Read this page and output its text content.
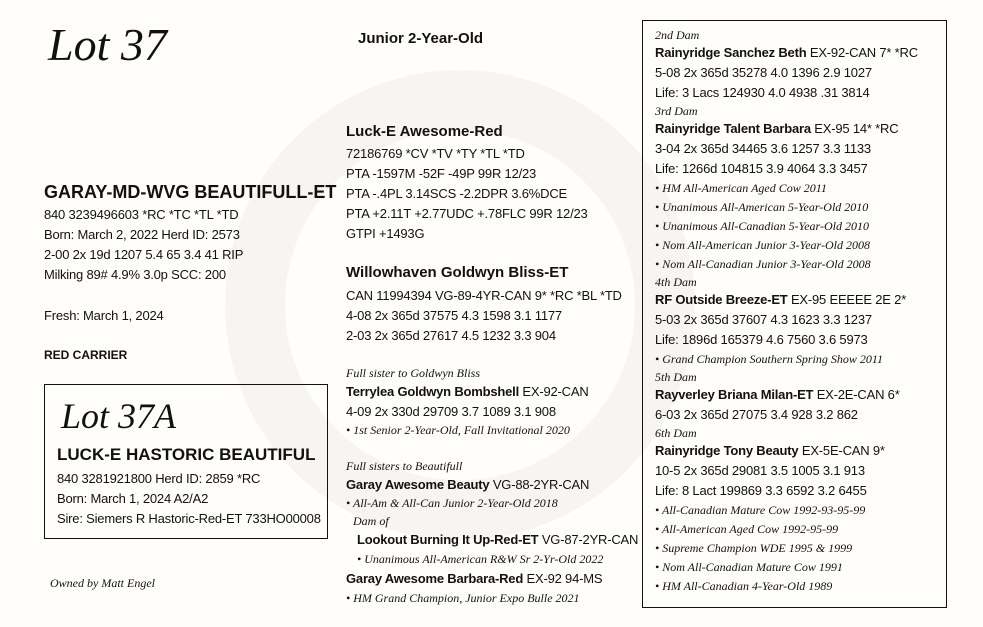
Lot 37	Junior 2-Year-Old
GARAY-MD-WVG BEAUTIFULL-ET
840 3239496603 *RC *TC *TL *TD
Born: March 2, 2022 Herd ID: 2573
2-00 2x 19d 1207 5.4 65 3.4 41 RIP
Milking 89# 4.9% 3.0p SCC: 200
Fresh: March 1, 2024
RED CARRIER
Lot 37A
LUCK-E HASTORIC BEAUTIFUL
840 3281921800 Herd ID: 2859 *RC
Born: March 1, 2024 A2/A2
Sire: Siemers R Hastoric-Red-ET 733HO00008
Owned by Matt Engel
Luck-E Awesome-Red
72186769 *CV *TV *TY *TL *TD
PTA -1597M -52F -49P 99R 12/23
PTA -.4PL 3.14SCS -2.2DPR 3.6%DCE
PTA +2.11T +2.77UDC +.78FLC 99R 12/23
GTPI +1493G
Willowhaven Goldwyn Bliss-ET
CAN 11994394 VG-89-4YR-CAN 9* *RC *BL *TD
4-08 2x 365d 37575 4.3 1598 3.1 1177
2-03 2x 365d 27617 4.5 1232 3.3 904
Full sister to Goldwyn Bliss
Terrylea Goldwyn Bombshell EX-92-CAN
4-09 2x 330d 29709 3.7 1089 3.1 908
• 1st Senior 2-Year-Old, Fall Invitational 2020
Full sisters to Beautifull
Garay Awesome Beauty VG-88-2YR-CAN
• All-Am & All-Can Junior 2-Year-Old 2018
Dam of
Lookout Burning It Up-Red-ET VG-87-2YR-CAN
• Unanimous All-American R&W Sr 2-Yr-Old 2022
Garay Awesome Barbara-Red EX-92 94-MS
• HM Grand Champion, Junior Expo Bulle 2021
2nd Dam
Rainyridge Sanchez Beth EX-92-CAN 7* *RC
5-08 2x 365d 35278 4.0 1396 2.9 1027
Life: 3 Lacs 124930 4.0 4938 .31 3814
3rd Dam
Rainyridge Talent Barbara EX-95 14* *RC
3-04 2x 365d 34465 3.6 1257 3.3 1133
Life: 1266d 104815 3.9 4064 3.3 3457
• HM All-American Aged Cow 2011
• Unanimous All-American 5-Year-Old 2010
• Unanimous All-Canadian 5-Year-Old 2010
• Nom All-American Junior 3-Year-Old 2008
• Nom All-Canadian Junior 3-Year-Old 2008
4th Dam
RF Outside Breeze-ET EX-95 EEEEE 2E 2*
5-03 2x 365d 37607 4.3 1623 3.3 1237
Life: 1896d 165379 4.6 7560 3.6 5973
• Grand Champion Southern Spring Show 2011
5th Dam
Rayverley Briana Milan-ET EX-2E-CAN 6*
6-03 2x 365d 27075 3.4 928 3.2 862
6th Dam
Rainyridge Tony Beauty EX-5E-CAN 9*
10-5 2x 365d 29081 3.5 1005 3.1 913
Life: 8 Lact 199869 3.3 6592 3.2 6455
• All-Canadian Mature Cow 1992-93-95-99
• All-American Aged Cow 1992-95-99
• Supreme Champion WDE 1995 & 1999
• Nom All-Canadian Mature Cow 1991
• HM All-Canadian 4-Year-Old 1989
